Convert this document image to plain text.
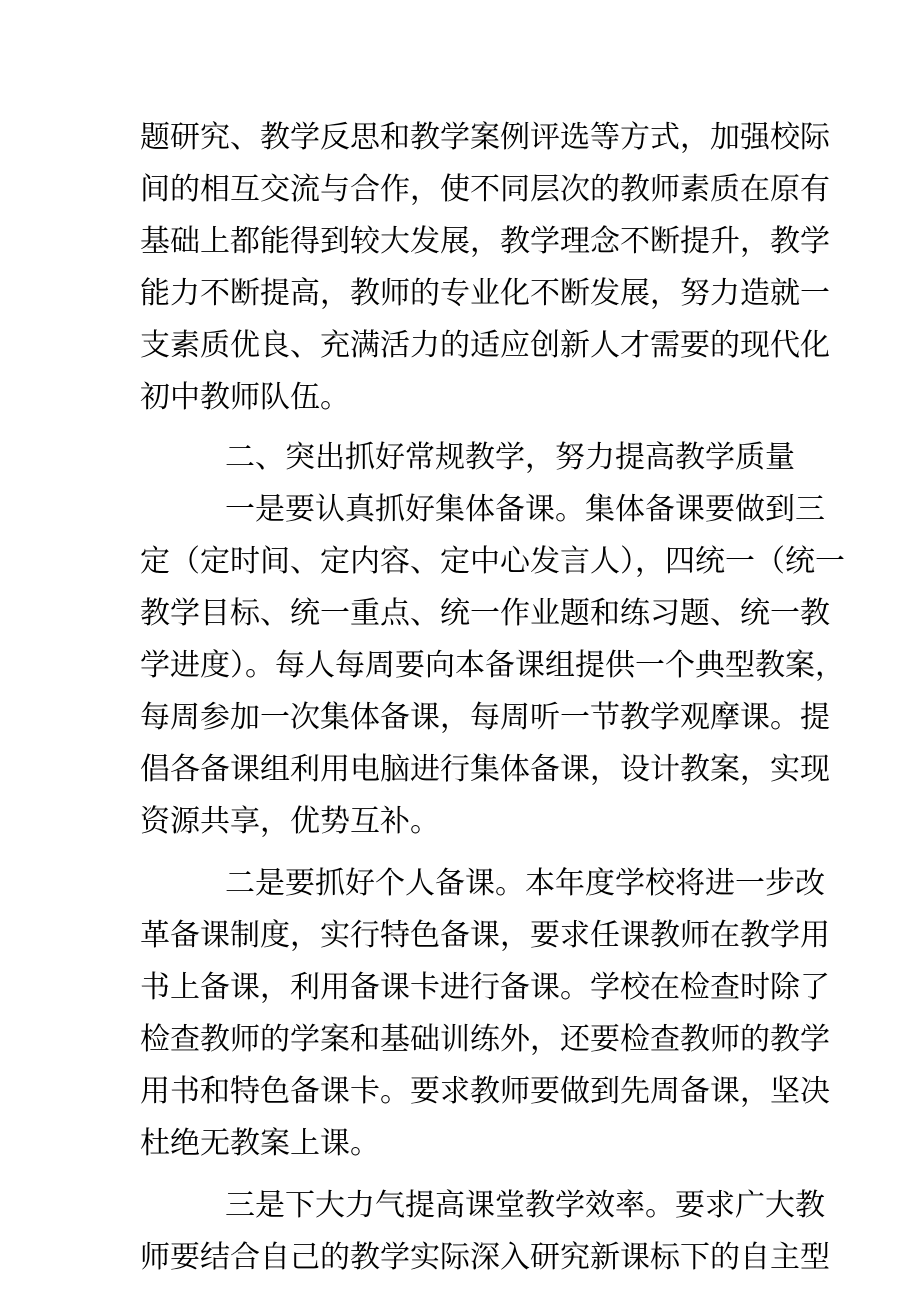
题研究、教学反思和教学案例评选等方式，加强校际
间的相互交流与合作，使不同层次的教师素质在原有
基础上都能得到较大发展，教学理念不断提升，教学
能力不断提高，教师的专业化不断发展，努力造就一
支素质优良、充满活力的适应创新人才需要的现代化
初中教师队伍。
二、突出抓好常规教学，努力提高教学质量
一是要认真抓好集体备课。集体备课要做到三
定（定时间、定内容、定中心发言人），四统一（统一
教学目标、统一重点、统一作业题和练习题、统一教
学进度）。每人每周要向本备课组提供一个典型教案，
每周参加一次集体备课，每周听一节教学观摩课。提
倡各备课组利用电脑进行集体备课，设计教案，实现
资源共享，优势互补。
二是要抓好个人备课。本年度学校将进一步改
革备课制度，实行特色备课，要求任课教师在教学用
书上备课，利用备课卡进行备课。学校在检查时除了
检查教师的学案和基础训练外，还要检查教师的教学
用书和特色备课卡。要求教师要做到先周备课，坚决
杜绝无教案上课。
三是下大力气提高课堂教学效率。要求广大教
师要结合自己的教学实际深入研究新课标下的自主型
